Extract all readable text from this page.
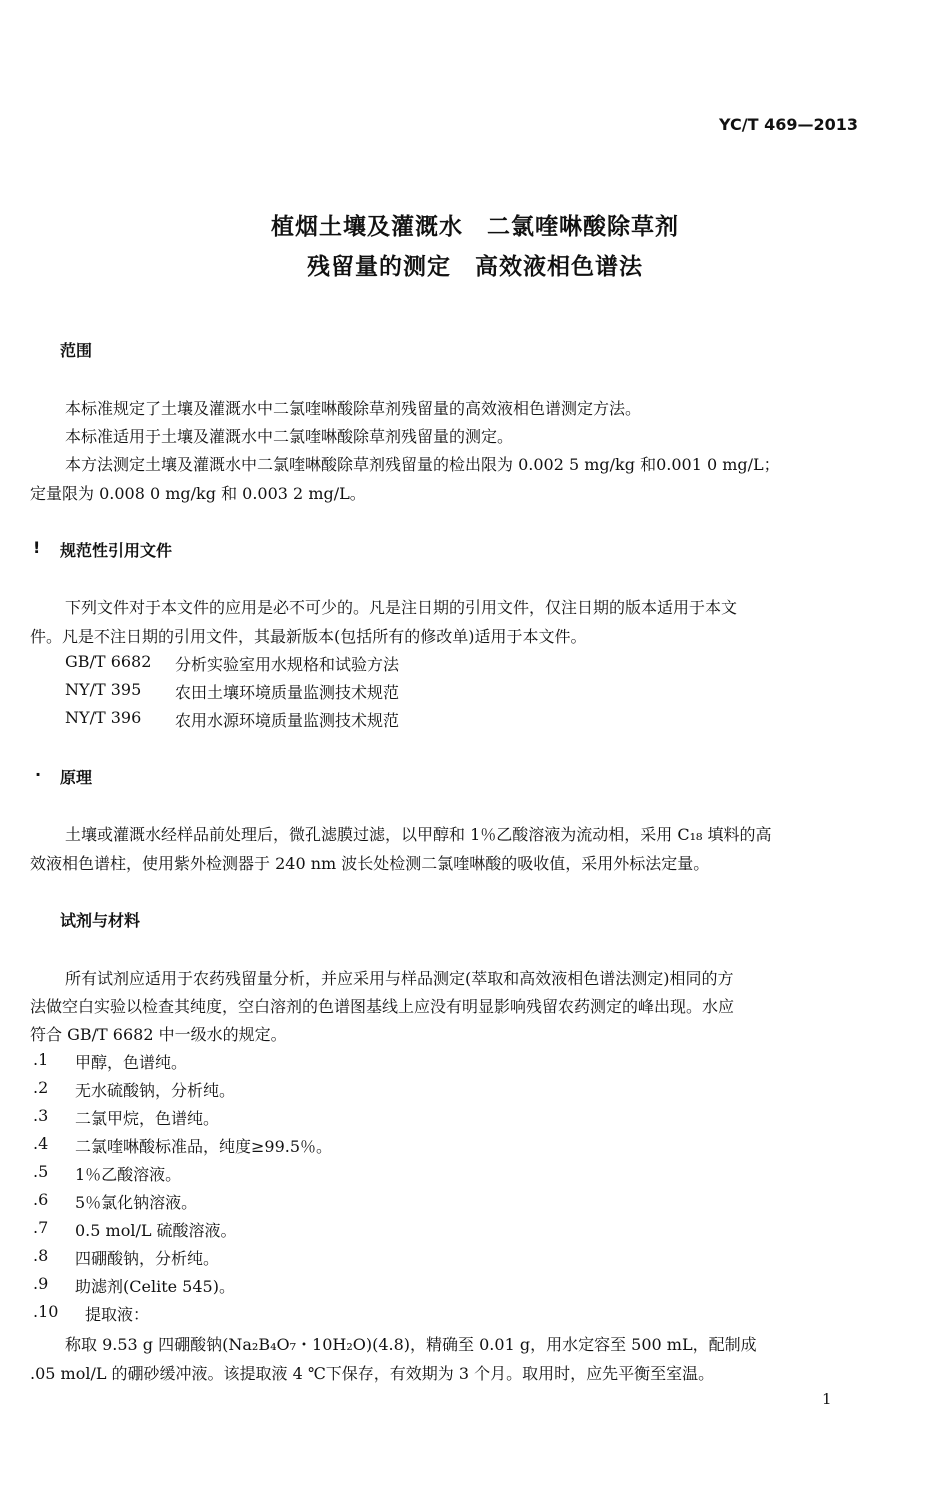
YC/T 469—2013
植烟土壤及灌溉水　二氯喹啉酸除草剂
残留量的测定　高效液相色谱法
范围
本标准规定了土壤及灌溉水中二氯喹啉酸除草剂残留量的高效液相色谱测定方法。
本标准适用于土壤及灌溉水中二氯喹啉酸除草剂残留量的测定。
本方法测定土壤及灌溉水中二氯喹啉酸除草剂残留量的检出限为 0.002 5 mg/kg 和0.001 0 mg/L；
定量限为 0.008 0 mg/kg 和 0.003 2 mg/L。
! 规范性引用文件
下列文件对于本文件的应用是必不可少的。凡是注日期的引用文件，仅注日期的版本适用于本文
件。凡是不注日期的引用文件，其最新版本(包括所有的修改单)适用于本文件。
GB/T 6682 分析实验室用水规格和试验方法
NY/T 395 农田土壤环境质量监测技术规范
NY/T 396 农用水源环境质量监测技术规范
· 原理
土壤或灌溉水经样品前处理后，微孔滤膜过滤，以甲醇和 1％乙酸溶液为流动相，采用 C₁₈ 填料的高
效液相色谱柱，使用紫外检测器于 240 nm 波长处检测二氯喹啉酸的吸收值，采用外标法定量。
试剂与材料
所有试剂应适用于农药残留量分析，并应采用与样品测定(萃取和高效液相色谱法测定)相同的方
法做空白实验以检查其纯度，空白溶剂的色谱图基线上应没有明显影响残留农药测定的峰出现。水应
符合 GB/T 6682 中一级水的规定。
.1 甲醇，色谱纯。
.2 无水硫酸钠，分析纯。
.3 二氯甲烷，色谱纯。
.4 二氯喹啉酸标准品，纯度≥99.5％。
.5 1％乙酸溶液。
.6 5％氯化钠溶液。
.7 0.5 mol/L 硫酸溶液。
.8 四硼酸钠，分析纯。
.9 助滤剂(Celite 545)。
.10 提取液：
称取 9.53 g 四硼酸钠(Na₂B₄O₇・10H₂O)(4.8)，精确至 0.01 g，用水定容至 500 mL，配制成
.05 mol/L 的硼砂缓冲液。该提取液 4 ℃下保存，有效期为 3 个月。取用时，应先平衡至室温。
1
